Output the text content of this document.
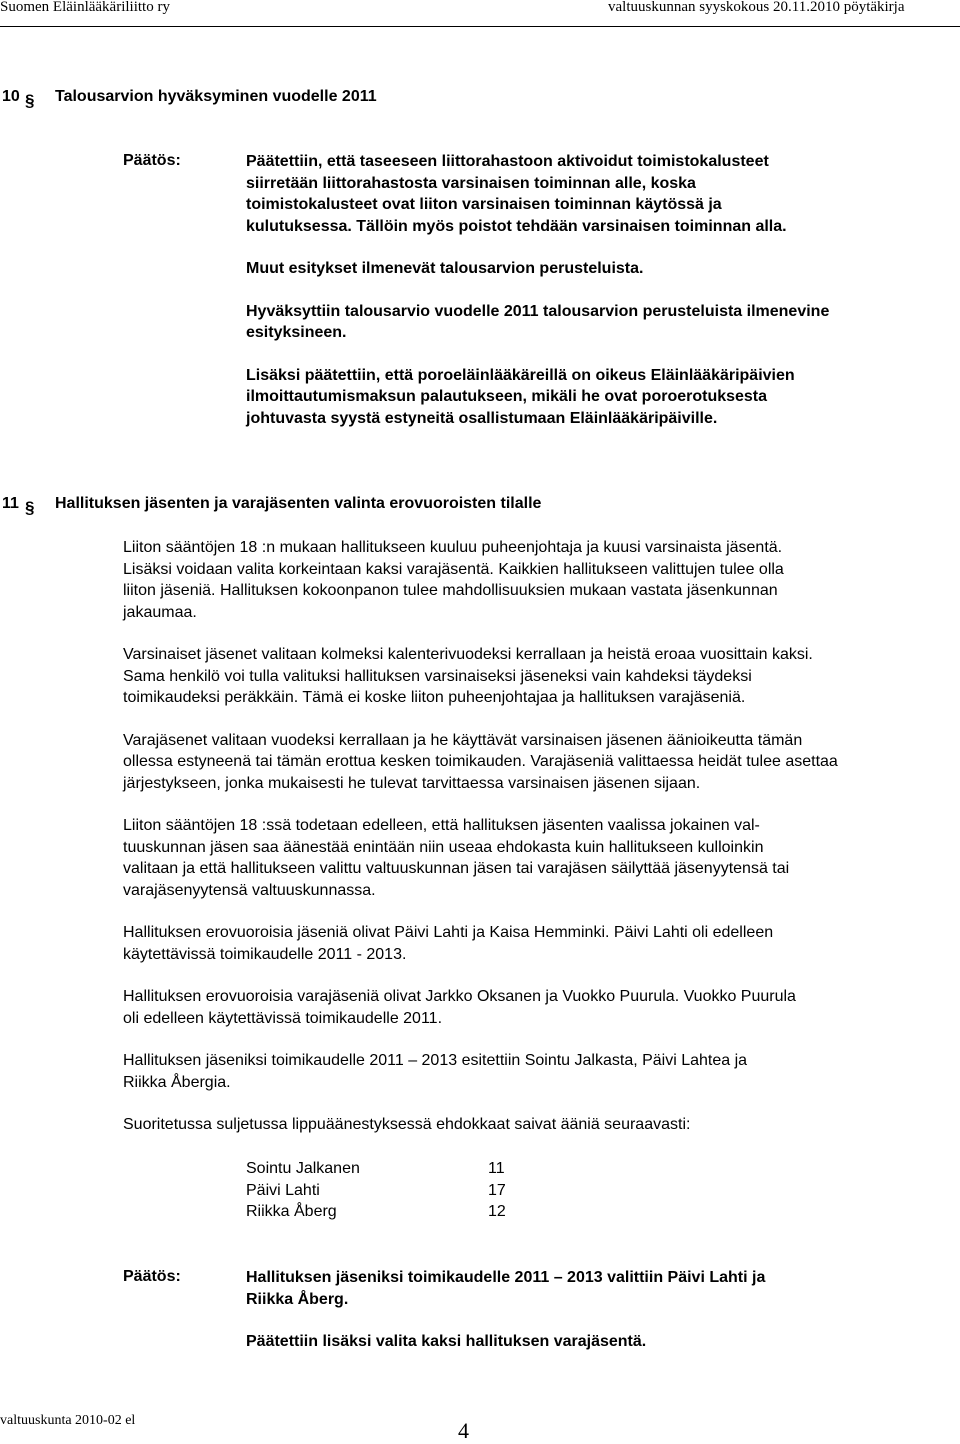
Suomen Eläinlääkäriliitto ry	valtuuskunnan syyskokous 20.11.2010 pöytäkirja
10 § Talousarvion hyväksyminen vuodelle 2011
Päätös:	Päätettiin, että taseeseen liittorahastoon aktivoidut toimistokalusteet
siirretään liittorahastosta varsinaisen toiminnan alle, koska
toimistokalusteet ovat liiton varsinaisen toiminnan käytössä ja
kulutuksessa. Tällöin myös poistot tehdään varsinaisen toiminnan alla.
Muut esitykset ilmenevät talousarvion perusteluista.
Hyväksyttiin talousarvio vuodelle 2011 talousarvion perusteluista ilmenevine
esityksineen.
Lisäksi päätettiin, että poroeläinlääkäreillä on oikeus Eläinlääkäripäivien
ilmoittautumismaksun palautukseen, mikäli he ovat poroerotuksesta
johtuvasta syystä estyneitä osallistumaan Eläinlääkäripäiville.
11 § Hallituksen jäsenten ja varajäsenten valinta erovuoroisten tilalle
Liiton sääntöjen 18 :n mukaan hallitukseen kuuluu puheenjohtaja ja kuusi varsinaista jäsentä.
Lisäksi voidaan valita korkeintaan kaksi varajäsentä. Kaikkien hallitukseen valittujen tulee olla
liiton jäseniä. Hallituksen kokoonpanon tulee mahdollisuuksien mukaan vastata jäsenkunnan
jakaumaa.
Varsinaiset jäsenet valitaan kolmeksi kalenterivuodeksi kerrallaan ja heistä eroaa vuosittain kaksi.
Sama henkilö voi tulla valituksi hallituksen varsinaiseksi jäseneksi vain kahdeksi täydeksi
toimikaudeksi peräkkäin. Tämä ei koske liiton puheenjohtajaa ja hallituksen varajäseniä.
Varajäsenet valitaan vuodeksi kerrallaan ja he käyttävät varsinaisen jäsenen äänioikeutta tämän
ollessa estyneenä tai tämän erottua kesken toimikauden. Varajäseniä valittaessa heidät tulee asettaa
järjestykseen, jonka mukaisesti he tulevat tarvittaessa varsinaisen jäsenen sijaan.
Liiton sääntöjen 18 :ssä todetaan edelleen, että hallituksen jäsenten vaalissa jokainen val-
tuuskunnan jäsen saa äänestää enintään niin useaa ehdokasta kuin hallitukseen kulloinkin
valitaan ja että hallitukseen valittu valtuuskunnan jäsen tai varajäsen säilyttää jäsenyytensä tai
varajäsenyytensä valtuuskunnassa.
Hallituksen erovuoroisia jäseniä olivat Päivi Lahti ja Kaisa Hemminki. Päivi Lahti oli edelleen
käytettävissä toimikaudelle 2011 - 2013.
Hallituksen erovuoroisia varajäseniä olivat Jarkko Oksanen ja Vuokko Puurula. Vuokko Puurula
oli edelleen käytettävissä toimikaudelle 2011.
Hallituksen jäseniksi toimikaudelle 2011 – 2013 esitettiin Sointu Jalkasta, Päivi Lahtea ja
Riikka Åbergia.
Suoritetussa suljetussa lippuäänestyksessä ehdokkaat saivat ääniä seuraavasti:
Sointu Jalkanen	11
Päivi Lahti	17
Riikka Åberg	12
Päätös:	Hallituksen jäseniksi toimikaudelle 2011 – 2013 valittiin Päivi Lahti ja
Riikka Åberg.
Päätettiin lisäksi valita kaksi hallituksen varajäsentä.
valtuuskunta 2010-02 el	4
